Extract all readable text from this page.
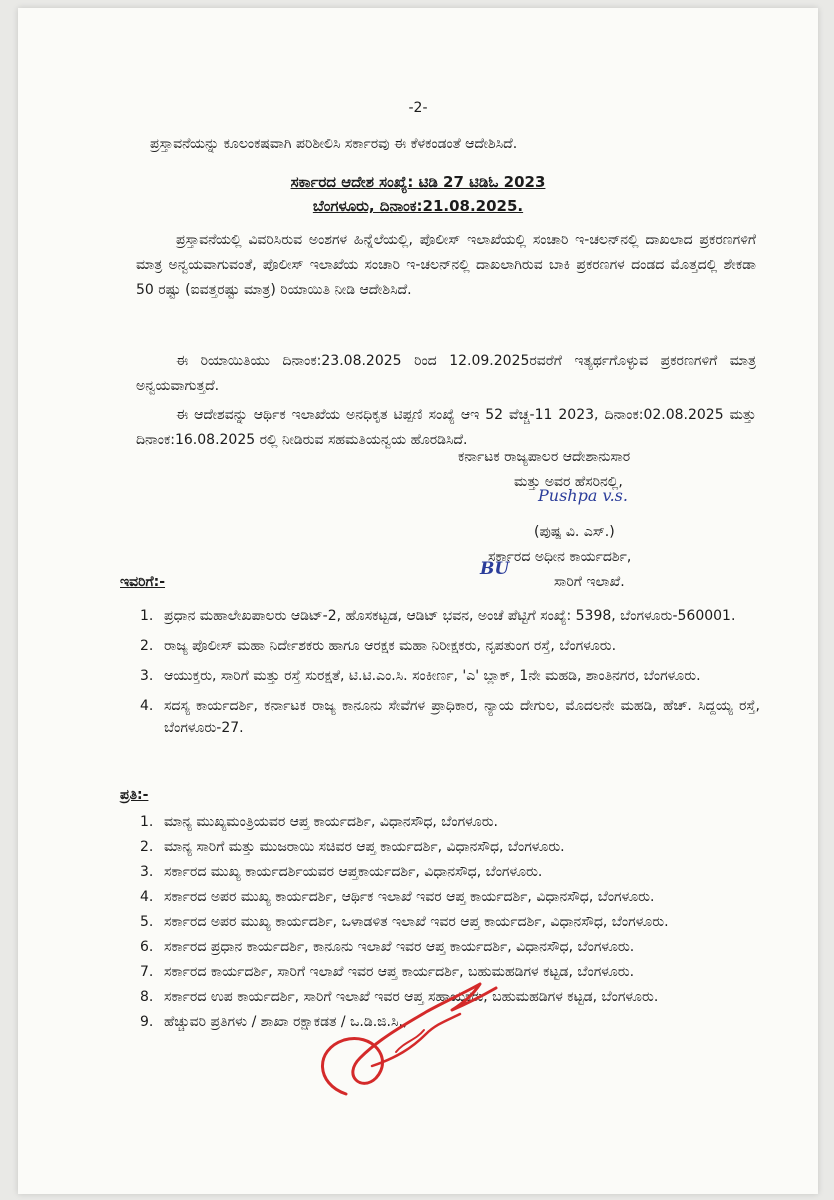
-2-
ಪ್ರಸ್ತಾವನೆಯನ್ನು ಕೂಲಂಕಷವಾಗಿ ಪರಿಶೀಲಿಸಿ ಸರ್ಕಾರವು ಈ ಕೆಳಕಂಡಂತೆ ಆದೇಶಿಸಿದೆ.
ಸರ್ಕಾರದ ಆದೇಶ ಸಂಖ್ಯೆ: ಟಿಡಿ 27 ಟಿಡಿಓ 2023
ಬೆಂಗಳೂರು, ದಿನಾಂಕ:21.08.2025.
ಪ್ರಸ್ತಾವನೆಯಲ್ಲಿ ವಿವರಿಸಿರುವ ಅಂಶಗಳ ಹಿನ್ನೆಲೆಯಲ್ಲಿ, ಪೊಲೀಸ್ ಇಲಾಖೆಯಲ್ಲಿ ಸಂಚಾರಿ ಇ-ಚಲನ್‌ನಲ್ಲಿ ದಾಖಲಾದ ಪ್ರಕರಣಗಳಿಗೆ ಮಾತ್ರ ಅನ್ವಯವಾಗುವಂತೆ, ಪೊಲೀಸ್ ಇಲಾಖೆಯ ಸಂಚಾರಿ ಇ-ಚಲನ್‌ನಲ್ಲಿ ದಾಖಲಾಗಿರುವ ಬಾಕಿ ಪ್ರಕರಣಗಳ ದಂಡದ ಮೊತ್ತದಲ್ಲಿ ಶೇಕಡಾ 50 ರಷ್ಟು (ಐವತ್ತರಷ್ಟು ಮಾತ್ರ) ರಿಯಾಯಿತಿ ನೀಡಿ ಆದೇಶಿಸಿದೆ.
ಈ ರಿಯಾಯಿತಿಯು ದಿನಾಂಕ:23.08.2025 ರಿಂದ 12.09.2025ರವರೆಗೆ ಇತ್ಯರ್ಥಗೊಳ್ಳುವ ಪ್ರಕರಣಗಳಿಗೆ ಮಾತ್ರ ಅನ್ವಯವಾಗುತ್ತದೆ.
ಈ ಆದೇಶವನ್ನು ಆರ್ಥಿಕ ಇಲಾಖೆಯ ಅನಧಿಕೃತ ಟಿಪ್ಪಣಿ ಸಂಖ್ಯೆ ಆಇ 52 ವೆಚ್ಚ-11 2023, ದಿನಾಂಕ:02.08.2025 ಮತ್ತು ದಿನಾಂಕ:16.08.2025 ರಲ್ಲಿ ನೀಡಿರುವ ಸಹಮತಿಯನ್ವಯ ಹೊರಡಿಸಿದೆ.
ಕರ್ನಾಟಕ ರಾಜ್ಯಪಾಲರ ಆದೇಶಾನುಸಾರ
ಮತ್ತು ಅವರ ಹೆಸರಿನಲ್ಲಿ,
(ಪುಷ್ಪ ವಿ. ಎಸ್.)
ಸರ್ಕಾರದ ಅಧೀನ ಕಾರ್ಯದರ್ಶಿ,
ಸಾರಿಗೆ ಇಲಾಖೆ.
Pushpa v.s.
BU
ಇವರಿಗೆ:-
1. ಪ್ರಧಾನ ಮಹಾಲೇಖಪಾಲರು ಆಡಿಟ್-2, ಹೊಸಕಟ್ಟಡ, ಆಡಿಟ್ ಭವನ, ಅಂಚೆ ಪೆಟ್ಟಿಗೆ ಸಂಖ್ಯೆ: 5398, ಬೆಂಗಳೂರು-560001.
2. ರಾಜ್ಯ ಪೊಲೀಸ್ ಮಹಾ ನಿರ್ದೇಶಕರು ಹಾಗೂ ಆರಕ್ಷಕ ಮಹಾ ನಿರೀಕ್ಷಕರು, ನೃಪತುಂಗ ರಸ್ತೆ, ಬೆಂಗಳೂರು.
3. ಆಯುಕ್ತರು, ಸಾರಿಗೆ ಮತ್ತು ರಸ್ತೆ ಸುರಕ್ಷತೆ, ಟಿ.ಟಿ.ಎಂ.ಸಿ. ಸಂಕೀರ್ಣ, 'ಎ' ಬ್ಲಾಕ್, 1ನೇ ಮಹಡಿ, ಶಾಂತಿನಗರ, ಬೆಂಗಳೂರು.
4. ಸದಸ್ಯ ಕಾರ್ಯದರ್ಶಿ, ಕರ್ನಾಟಕ ರಾಜ್ಯ ಕಾನೂನು ಸೇವೆಗಳ ಪ್ರಾಧಿಕಾರ, ನ್ಯಾಯ ದೇಗುಲ, ಮೊದಲನೇ ಮಹಡಿ, ಹೆಚ್. ಸಿದ್ದಯ್ಯ ರಸ್ತೆ, ಬೆಂಗಳೂರು-27.
ಪ್ರತಿ:-
1. ಮಾನ್ಯ ಮುಖ್ಯಮಂತ್ರಿಯವರ ಆಪ್ತ ಕಾರ್ಯದರ್ಶಿ, ವಿಧಾನಸೌಧ, ಬೆಂಗಳೂರು.
2. ಮಾನ್ಯ ಸಾರಿಗೆ ಮತ್ತು ಮುಜರಾಯಿ ಸಚಿವರ ಆಪ್ತ ಕಾರ್ಯದರ್ಶಿ, ವಿಧಾನಸೌಧ, ಬೆಂಗಳೂರು.
3. ಸರ್ಕಾರದ ಮುಖ್ಯ ಕಾರ್ಯದರ್ಶಿಯವರ ಆಪ್ತಕಾರ್ಯದರ್ಶಿ, ವಿಧಾನಸೌಧ, ಬೆಂಗಳೂರು.
4. ಸರ್ಕಾರದ ಅಪರ ಮುಖ್ಯ ಕಾರ್ಯದರ್ಶಿ, ಆರ್ಥಿಕ ಇಲಾಖೆ ಇವರ ಆಪ್ತ ಕಾರ್ಯದರ್ಶಿ, ವಿಧಾನಸೌಧ, ಬೆಂಗಳೂರು.
5. ಸರ್ಕಾರದ ಅಪರ ಮುಖ್ಯ ಕಾರ್ಯದರ್ಶಿ, ಒಳಾಡಳಿತ ಇಲಾಖೆ ಇವರ ಆಪ್ತ ಕಾರ್ಯದರ್ಶಿ, ವಿಧಾನಸೌಧ, ಬೆಂಗಳೂರು.
6. ಸರ್ಕಾರದ ಪ್ರಧಾನ ಕಾರ್ಯದರ್ಶಿ, ಕಾನೂನು ಇಲಾಖೆ ಇವರ ಆಪ್ತ ಕಾರ್ಯದರ್ಶಿ, ವಿಧಾನಸೌಧ, ಬೆಂಗಳೂರು.
7. ಸರ್ಕಾರದ ಕಾರ್ಯದರ್ಶಿ, ಸಾರಿಗೆ ಇಲಾಖೆ ಇವರ ಆಪ್ತ ಕಾರ್ಯದರ್ಶಿ, ಬಹುಮಹಡಿಗಳ ಕಟ್ಟಡ, ಬೆಂಗಳೂರು.
8. ಸರ್ಕಾರದ ಉಪ ಕಾರ್ಯದರ್ಶಿ, ಸಾರಿಗೆ ಇಲಾಖೆ ಇವರ ಆಪ್ತ ಸಹಾಯಕರು, ಬಹುಮಹಡಿಗಳ ಕಟ್ಟಡ, ಬೆಂಗಳೂರು.
9. ಹೆಚ್ಚುವರಿ ಪ್ರತಿಗಳು / ಶಾಖಾ ರಕ್ಷಾಕಡತ / ಒ.ಡಿ.ಜಿ.ಸಿ.,
